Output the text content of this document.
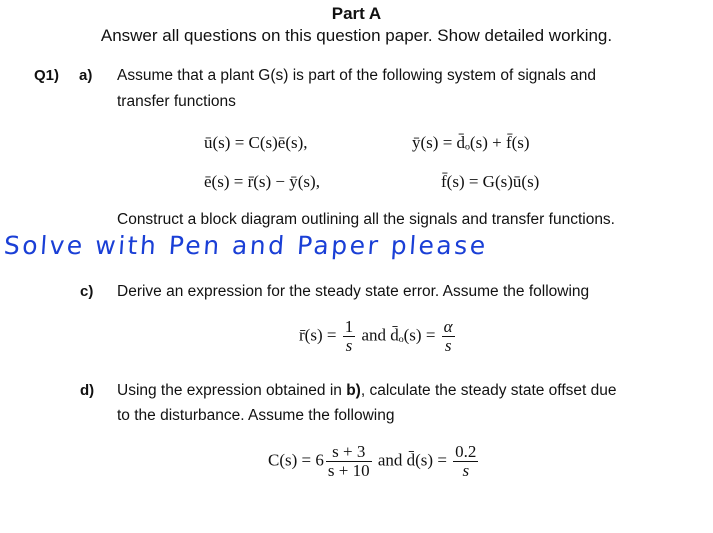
Part A
Answer all questions on this question paper. Show detailed working.
Q1) a) Assume that a plant G(s) is part of the following system of signals and
transfer functions
ū(s) = C(s)ē(s),	ȳ(s) = d̄ₒ(s) + f̄(s)
ē(s) = r̄(s) − ȳ(s),	f̄(s) = G(s)ū(s)
Construct a block diagram outlining all the signals and transfer functions.
Solve with Pen and Paper please
c) Derive an expression for the steady state error. Assume the following
r̄(s) = $\frac{1}{s}$ and d̄ₒ(s) = $\frac{\alpha}{s}$
d) Using the expression obtained in b), calculate the steady state offset due
to the disturbance. Assume the following
$C(s) = 6 \frac{s + 3}{s + 10}$ and d̄(s) = $\frac{0.2}{s}$
